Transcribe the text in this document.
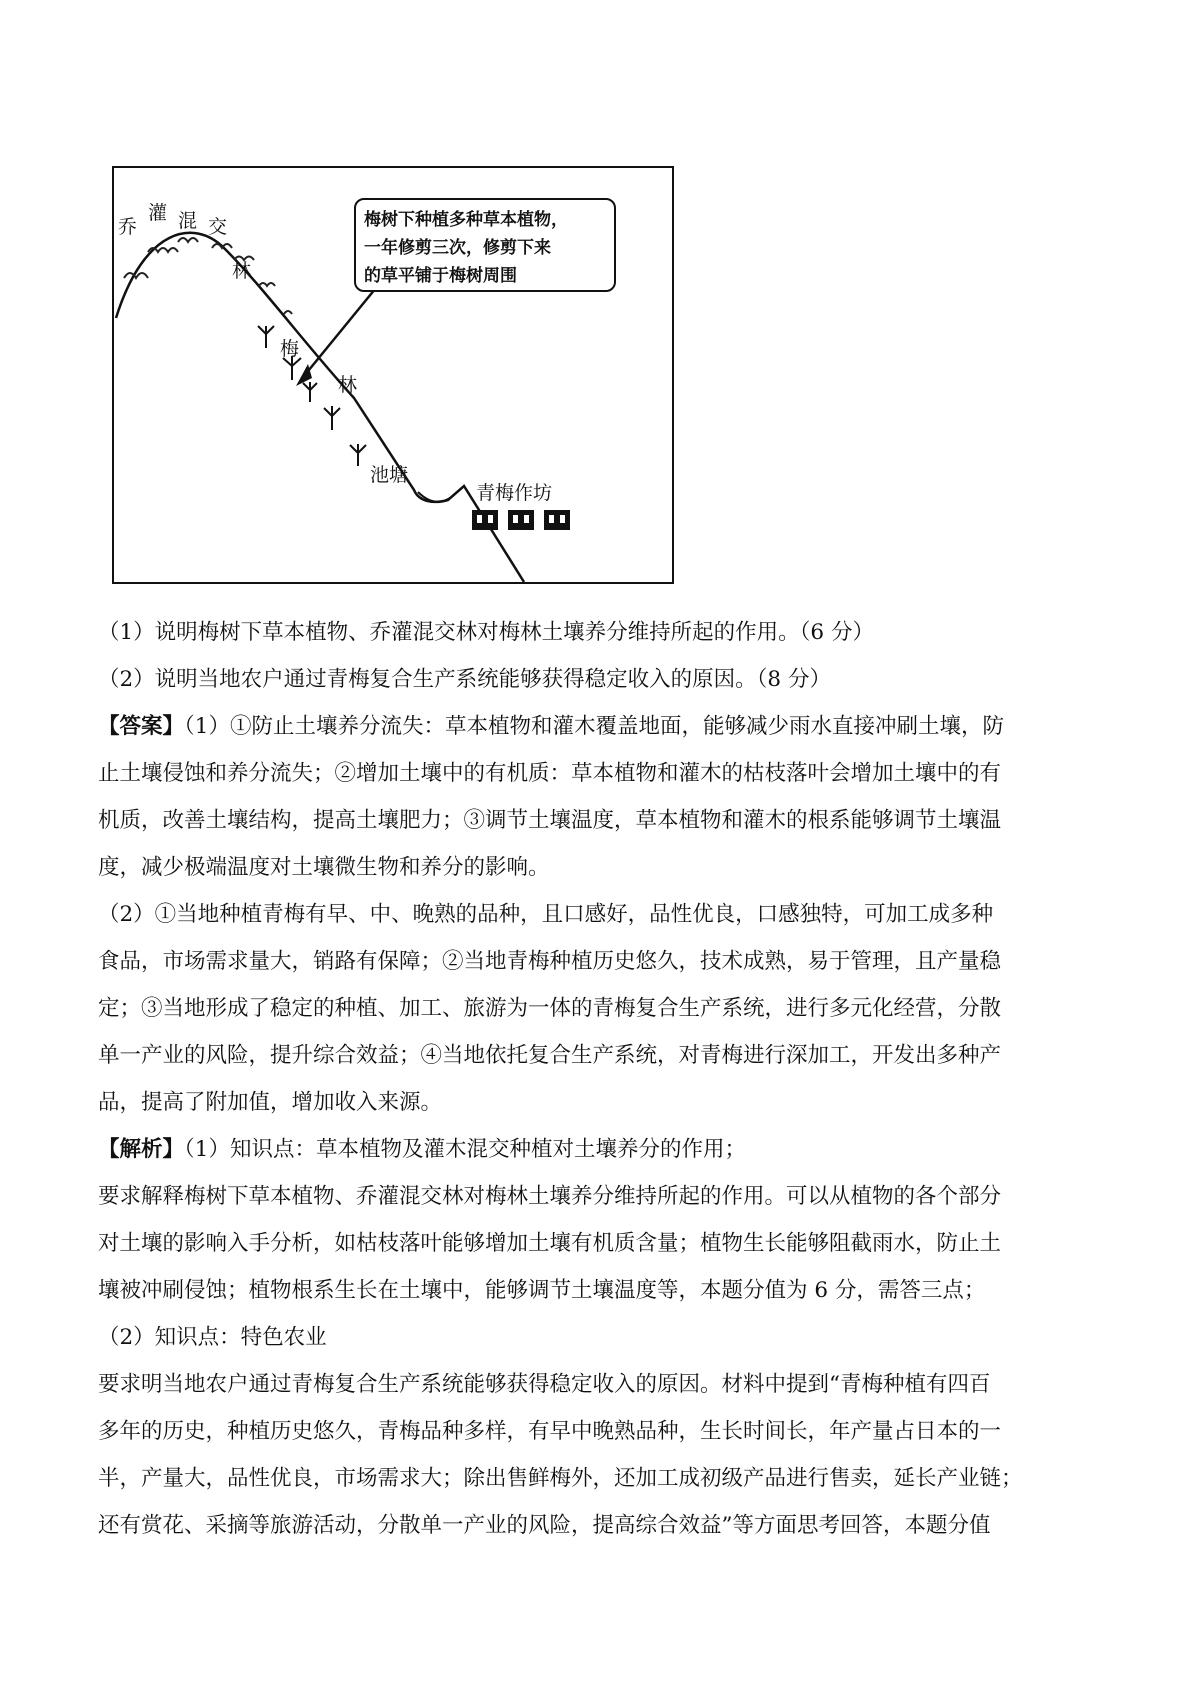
乔
灌 混 交
林
梅
林
池塘
青梅作坊
梅树下种植多种草本植物，
一年修剪三次，修剪下来
的草平铺于梅树周围
（1）说明梅树下草本植物、乔灌混交林对梅林土壤养分维持所起的作用。（6 分）
（2）说明当地农户通过青梅复合生产系统能够获得稳定收入的原因。（8 分）
【答案】（1）①防止土壤养分流失：草本植物和灌木覆盖地面，能够减少雨水直接冲刷土壤，防
止土壤侵蚀和养分流失；②增加土壤中的有机质：草本植物和灌木的枯枝落叶会增加土壤中的有
机质，改善土壤结构，提高土壤肥力；③调节土壤温度，草本植物和灌木的根系能够调节土壤温
度，减少极端温度对土壤微生物和养分的影响。
（2）①当地种植青梅有早、中、晚熟的品种，且口感好，品性优良，口感独特，可加工成多种
食品，市场需求量大，销路有保障；②当地青梅种植历史悠久，技术成熟，易于管理，且产量稳
定；③当地形成了稳定的种植、加工、旅游为一体的青梅复合生产系统，进行多元化经营，分散
单一产业的风险，提升综合效益；④当地依托复合生产系统，对青梅进行深加工，开发出多种产
品，提高了附加值，增加收入来源。
【解析】（1）知识点：草本植物及灌木混交种植对土壤养分的作用；
要求解释梅树下草本植物、乔灌混交林对梅林土壤养分维持所起的作用。可以从植物的各个部分
对土壤的影响入手分析，如枯枝落叶能够增加土壤有机质含量；植物生长能够阻截雨水，防止土
壤被冲刷侵蚀；植物根系生长在土壤中，能够调节土壤温度等，本题分值为 6 分，需答三点；
（2）知识点：特色农业
要求明当地农户通过青梅复合生产系统能够获得稳定收入的原因。材料中提到“青梅种植有四百
多年的历史，种植历史悠久，青梅品种多样，有早中晚熟品种，生长时间长，年产量占日本的一
半，产量大，品性优良，市场需求大；除出售鲜梅外，还加工成初级产品进行售卖，延长产业链；
还有赏花、采摘等旅游活动，分散单一产业的风险，提高综合效益”等方面思考回答，本题分值
